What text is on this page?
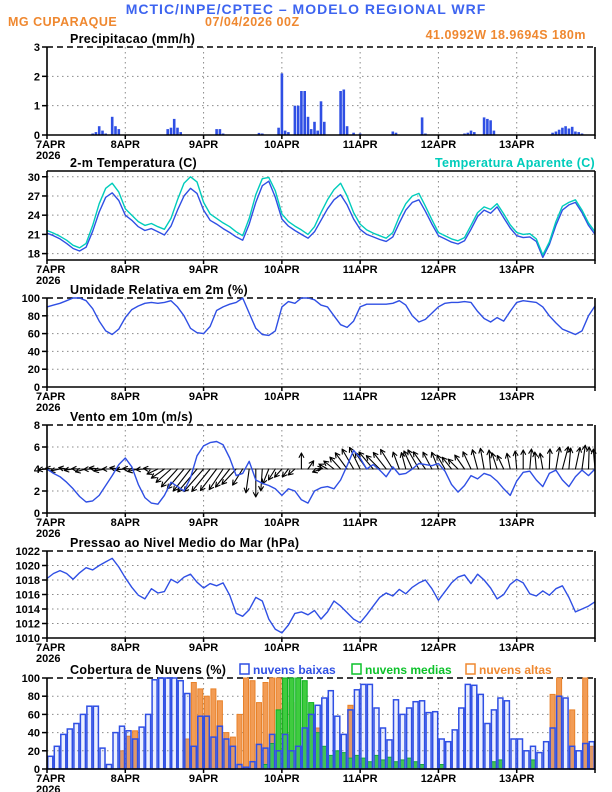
MCTIC/INPE/CPTEC – MODELO REGIONAL WRF
MG CUPARAQUE	07/04/2026 00Z
41.0992W 18.9694S 180m
0
1
2
3
7APR	8APR	9APR	10APR	11APR	12APR	13APR
2026
Precipitacao (mm/h)
18
21
24
27
30
7APR	8APR	9APR	10APR	11APR	12APR	13APR
2026
2-m Temperatura (C)	Temperatura Aparente (C)
0
20
40
60
80
100
7APR	8APR	9APR	10APR	11APR	12APR	13APR
2026
Umidade Relativa em 2m (%)
0
2
4
6
8
7APR	8APR	9APR	10APR	11APR	12APR	13APR
2026
Vento em 10m (m/s)
1010
1012
1014
1016
1018
1020
1022
7APR	8APR	9APR	10APR	11APR	12APR	13APR
2026
Pressao ao Nivel Medio do Mar (hPa)
0
20
40
60
80
100
7APR	8APR	9APR	10APR	11APR	12APR	13APR
2026
Cobertura de Nuvens (%) nuvens baixas nuvens medias nuvens altas
